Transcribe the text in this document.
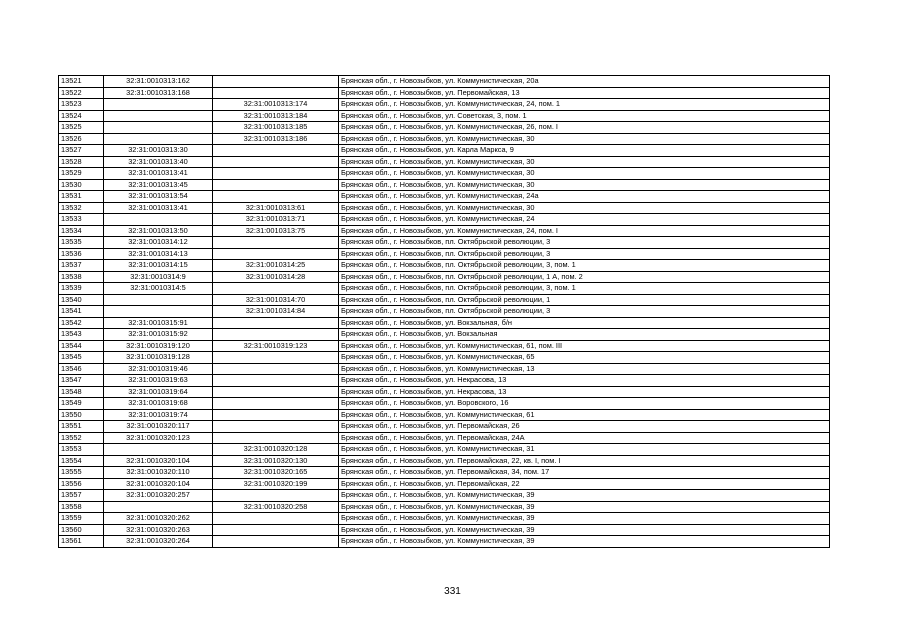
13521	32:31:0010313:162		Брянская обл., г. Новозыбков, ул. Коммунистическая, 20а
13522	32:31:0010313:168		Брянская обл., г. Новозыбков, ул. Первомайская, 13
13523		32:31:0010313:174	Брянская обл., г. Новозыбков, ул. Коммунистическая, 24, пом. 1
13524		32:31:0010313:184	Брянская обл., г. Новозыбков, ул. Советская, 3, пом. 1
13525		32:31:0010313:185	Брянская обл., г. Новозыбков, ул. Коммунистическая, 26, пом. I
13526		32:31:0010313:186	Брянская обл., г. Новозыбков, ул. Коммунистическая, 30
13527	32:31:0010313:30		Брянская обл., г. Новозыбков, ул. Карла Маркса, 9
13528	32:31:0010313:40		Брянская обл., г. Новозыбков, ул. Коммунистическая, 30
13529	32:31:0010313:41		Брянская обл., г. Новозыбков, ул. Коммунистическая, 30
13530	32:31:0010313:45		Брянская обл., г. Новозыбков, ул. Коммунистическая, 30
13531	32:31:0010313:54		Брянская обл., г. Новозыбков, ул. Коммунистическая, 24а
13532	32:31:0010313:41	32:31:0010313:61	Брянская обл., г. Новозыбков, ул. Коммунистическая, 30
13533		32:31:0010313:71	Брянская обл., г. Новозыбков, ул. Коммунистическая, 24
13534	32:31:0010313:50	32:31:0010313:75	Брянская обл., г. Новозыбков, ул. Коммунистическая, 24, пом. I
13535	32:31:0010314:12		Брянская обл., г. Новозыбков, пл. Октябрьской революции, 3
13536	32:31:0010314:13		Брянская обл., г. Новозыбков, пл. Октябрьской революции, 3
13537	32:31:0010314:15	32:31:0010314:25	Брянская обл., г. Новозыбков, пл. Октябрьской революции, 3, пом. 1
13538	32:31:0010314:9	32:31:0010314:28	Брянская обл., г. Новозыбков, пл. Октябрьской революции, 1 А, пом. 2
13539	32:31:0010314:5		Брянская обл., г. Новозыбков, пл. Октябрьской революции, 3, пом. 1
13540		32:31:0010314:70	Брянская обл., г. Новозыбков, пл. Октябрьской революции, 1
13541		32:31:0010314:84	Брянская обл., г. Новозыбков, пл. Октябрьской революции, 3
13542	32:31:0010315:91		Брянская обл., г. Новозыбков, ул. Вокзальная, б/н
13543	32:31:0010315:92		Брянская обл., г. Новозыбков, ул. Вокзальная
13544	32:31:0010319:120	32:31:0010319:123	Брянская обл., г. Новозыбков, ул. Коммунистическая, 61, пом. III
13545	32:31:0010319:128		Брянская обл., г. Новозыбков, ул. Коммунистическая, 65
13546	32:31:0010319:46		Брянская обл., г. Новозыбков, ул. Коммунистическая, 13
13547	32:31:0010319:63		Брянская обл., г. Новозыбков, ул. Некрасова, 13
13548	32:31:0010319:64		Брянская обл., г. Новозыбков, ул. Некрасова, 13
13549	32:31:0010319:68		Брянская обл., г. Новозыбков, ул. Воровского, 16
13550	32:31:0010319:74		Брянская обл., г. Новозыбков, ул. Коммунистическая, 61
13551	32:31:0010320:117		Брянская обл., г. Новозыбков, ул. Первомайская, 26
13552	32:31:0010320:123		Брянская обл., г. Новозыбков, ул. Первомайская, 24А
13553		32:31:0010320:128	Брянская обл., г. Новозыбков, ул. Коммунистическая, 31
13554	32:31:0010320:104	32:31:0010320:130	Брянская обл., г. Новозыбков, ул. Первомайская, 22, кв. I, пом. I
13555	32:31:0010320:110	32:31:0010320:165	Брянская обл., г. Новозыбков, ул. Первомайская, 34, пом. 17
13556	32:31:0010320:104	32:31:0010320:199	Брянская обл., г. Новозыбков, ул. Первомайская, 22
13557	32:31:0010320:257		Брянская обл., г. Новозыбков, ул. Коммунистическая, 39
13558		32:31:0010320:258	Брянская обл., г. Новозыбков, ул. Коммунистическая, 39
13559	32:31:0010320:262		Брянская обл., г. Новозыбков, ул. Коммунистическая, 39
13560	32:31:0010320:263		Брянская обл., г. Новозыбков, ул. Коммунистическая, 39
13561	32:31:0010320:264		Брянская обл., г. Новозыбков, ул. Коммунистическая, 39
331
